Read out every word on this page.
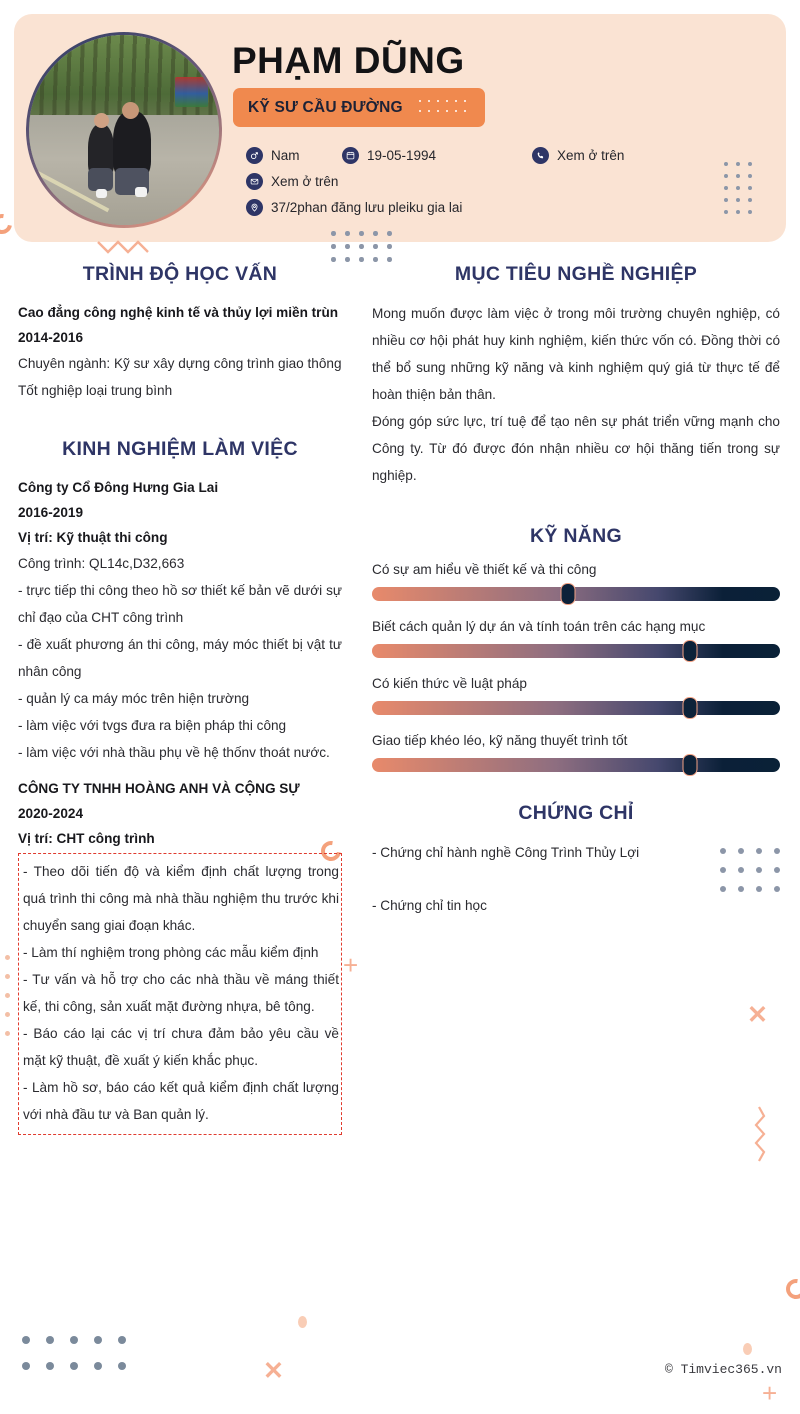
PHẠM DŨNG
KỸ SƯ CẦU ĐƯỜNG
Nam	19-05-1994	Xem ở trên
Xem ở trên
37/2phan đăng lưu pleiku gia lai
✕
✕
+
+
TRÌNH ĐỘ HỌC VẤN
Cao đẳng công nghệ kinh tế và thủy lợi miền trùn
2014-2016
Chuyên ngành: Kỹ sư xây dựng công trình giao thông
Tốt nghiệp loại trung bình
KINH NGHIỆM LÀM VIỆC
Công ty Cổ Đông Hưng Gia Lai
2016-2019
Vị trí: Kỹ thuật thi công
Công trình: QL14c,D32,663
- trực tiếp thi công theo hồ sơ thiết kế bản vẽ dưới sự chỉ đạo của CHT công trình
- đề xuất phương án thi công, máy móc thiết bị vật tư nhân công
- quản lý ca máy móc trên hiện trường
- làm việc với tvgs đưa ra biện pháp thi công
- làm việc với nhà thầu phụ về hệ thốnv thoát nước.
CÔNG TY TNHH HOÀNG ANH VÀ CỘNG SỰ
2020-2024
Vị trí: CHT công trình

- Theo dõi tiến độ và kiểm định chất lượng trong quá trình thi công mà nhà thầu nghiệm thu trước khi chuyển sang giai đoạn khác.

- Làm thí nghiệm trong phòng các mẫu kiểm định

- Tư vấn và hỗ trợ cho các nhà thầu về máng thiết kế, thi công, sản xuất mặt đường nhựa, bê tông.

- Báo cáo lại các vị trí chưa đảm bảo yêu cầu về mặt kỹ thuật, đề xuất ý kiến khắc phục.

- Làm hồ sơ, báo cáo kết quả kiểm định chất lượng với nhà đầu tư và Ban quản lý.

MỤC TIÊU NGHỀ NGHIỆP

Mong muốn được làm việc ở trong môi trường chuyên nghiệp, có nhiều cơ hội phát huy kinh nghiệm, kiến thức vốn có. Đồng thời có thể bổ sung những kỹ năng và kinh nghiệm quý giá từ thực tế để hoàn thiện bản thân.

Đóng góp sức lực, trí tuệ để tạo nên sự phát triển vững mạnh cho Công ty. Từ đó được đón nhận nhiều cơ hội thăng tiến trong sự nghiệp.

KỸ NĂNG
Có sự am hiểu về thiết kế và thi công
Biết cách quản lý dự án và tính toán trên các hạng mục
Có kiến thức về luật pháp
Giao tiếp khéo léo, kỹ năng thuyết trình tốt
CHỨNG CHỈ
- Chứng chỉ hành nghề Công Trình Thủy Lợi
- Chứng chỉ tin học
© Timviec365.vn
